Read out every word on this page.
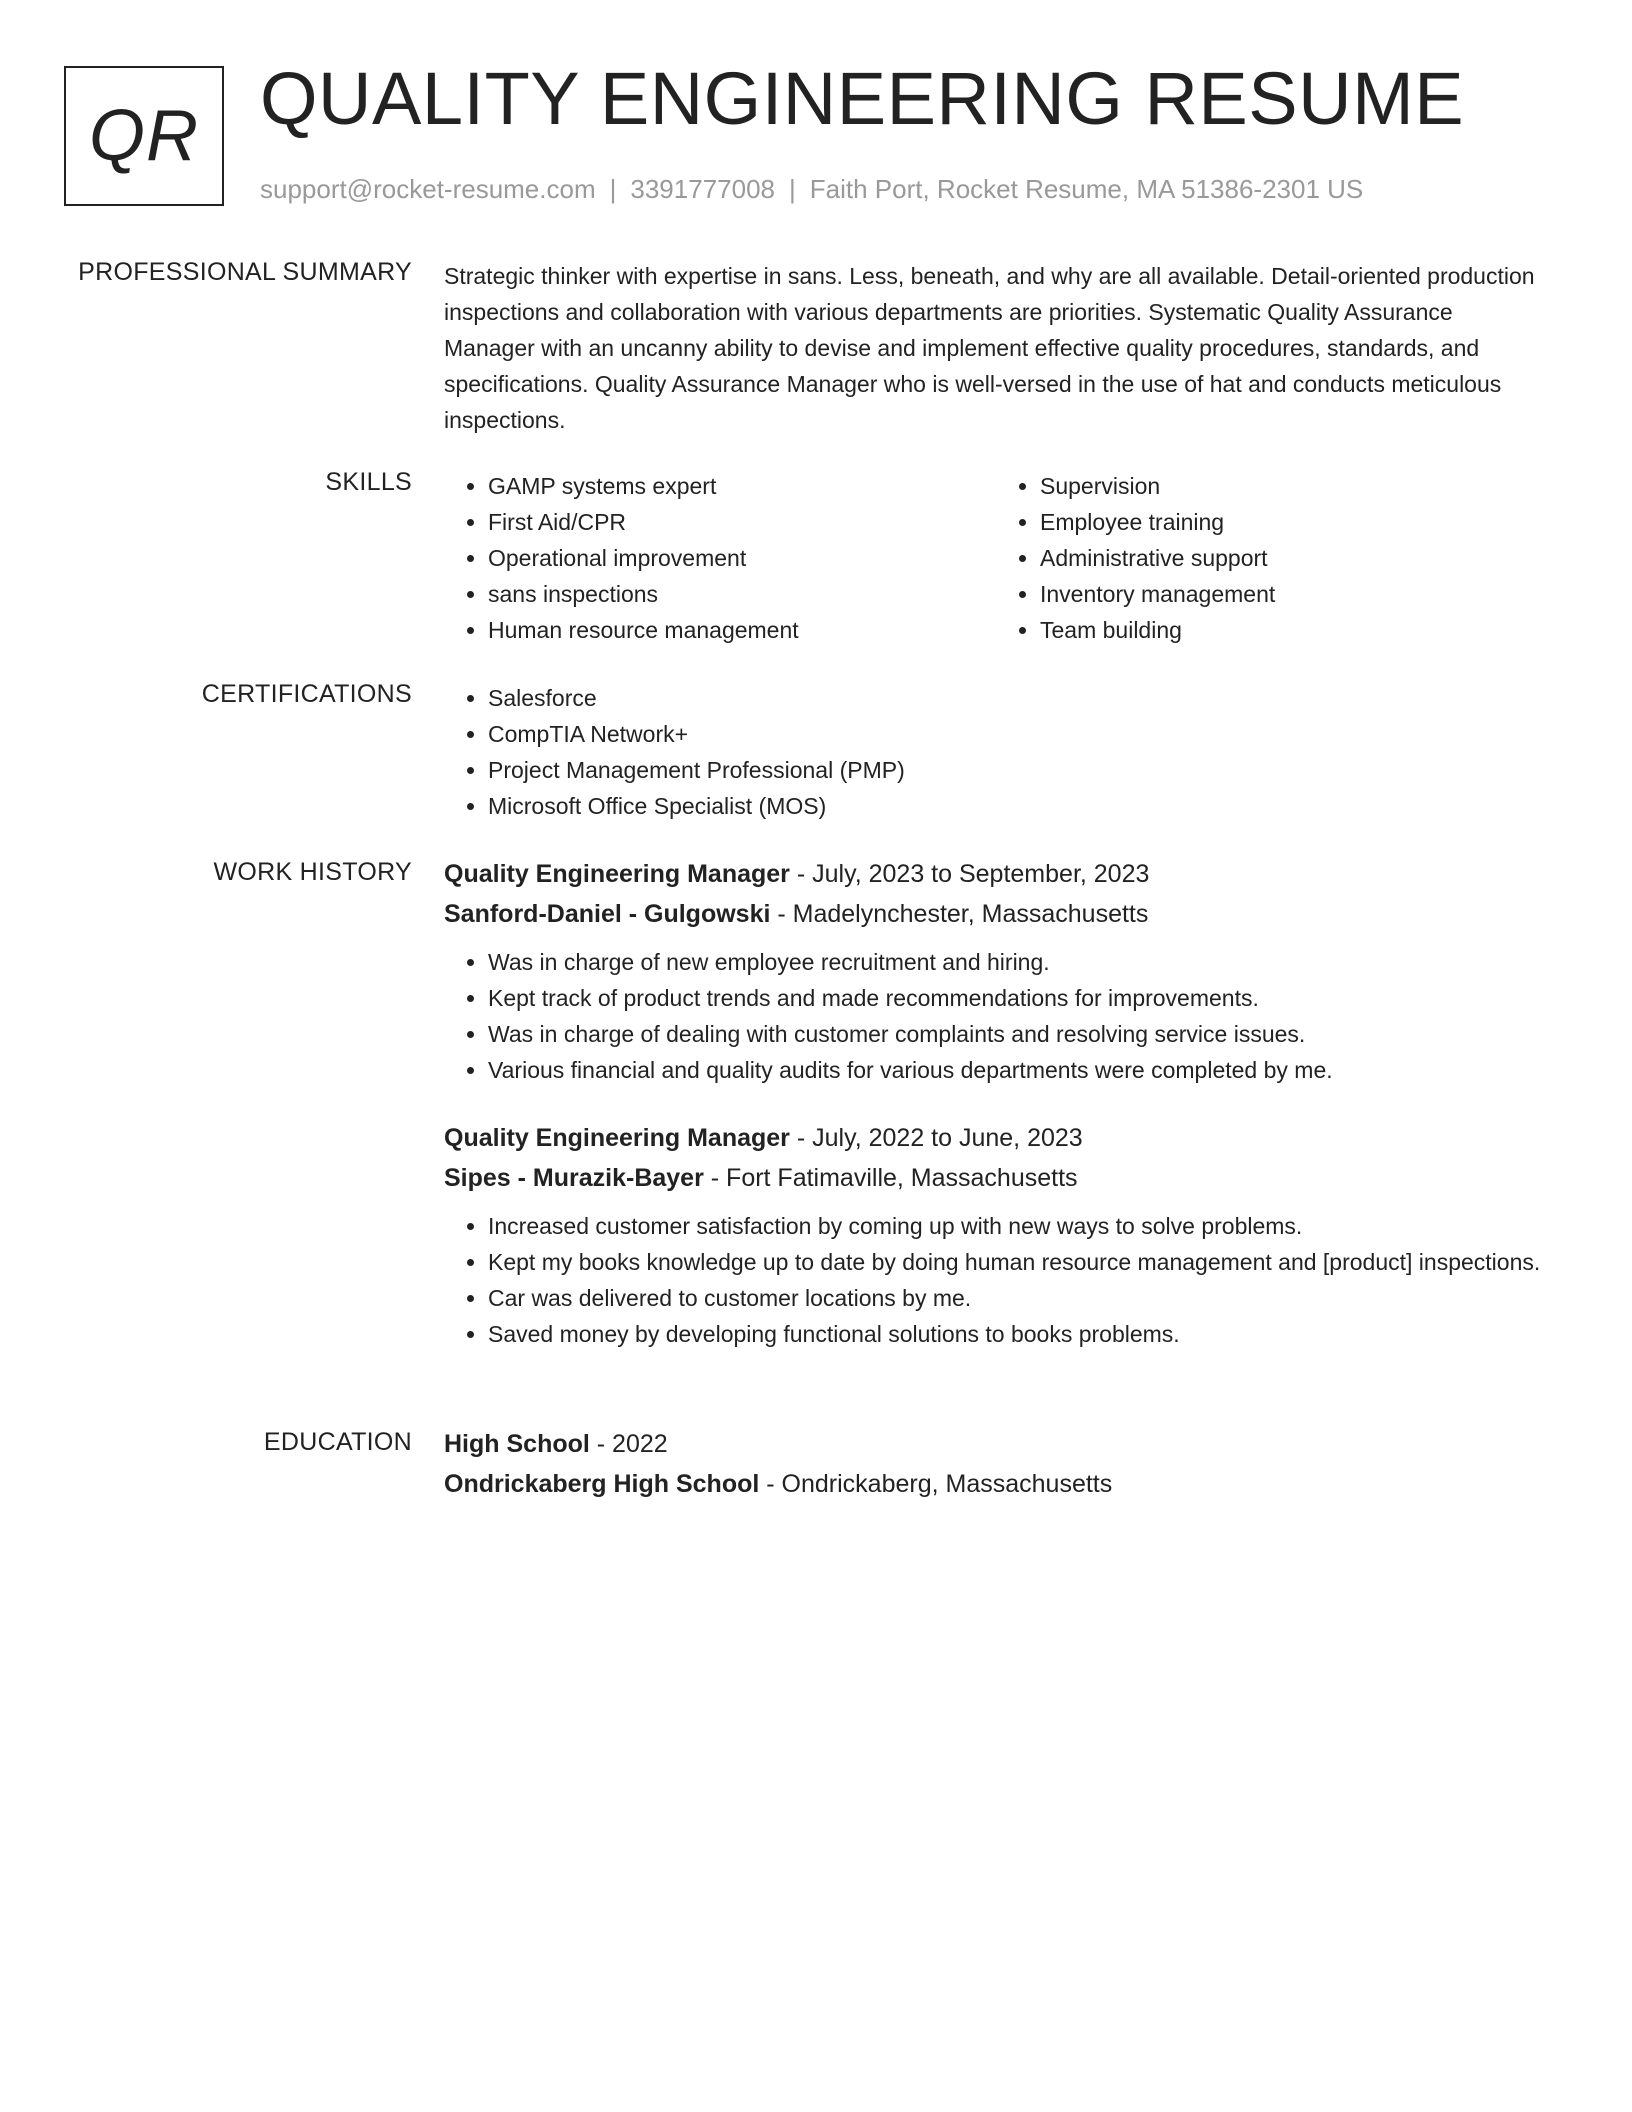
QR QUALITY ENGINEERING RESUME
support@rocket-resume.com | 3391777008 | Faith Port, Rocket Resume, MA 51386-2301 US
PROFESSIONAL SUMMARY Strategic thinker with expertise in sans. Less, beneath, and why are all available. Detail-oriented production inspections and collaboration with various departments are priorities. Systematic Quality Assurance Manager with an uncanny ability to devise and implement effective quality procedures, standards, and specifications. Quality Assurance Manager who is well-versed in the use of hat and conducts meticulous inspections.

SKILLS	• GAMP systems expert
• First Aid/CPR
• Operational improvement
• sans inspections
• Human resource management
• Supervision
• Employee training
• Administrative support
• Inventory management
• Team building
CERTIFICATIONS	• Salesforce
• CompTIA Network+
• Project Management Professional (PMP)
• Microsoft Office Specialist (MOS)
WORK HISTORY Quality Engineering Manager - July, 2023 to September, 2023
Sanford-Daniel - Gulgowski - Madelynchester, Massachusetts
• Was in charge of new employee recruitment and hiring.
• Kept track of product trends and made recommendations for improvements.
• Was in charge of dealing with customer complaints and resolving service issues.
• Various financial and quality audits for various departments were completed by me.
Quality Engineering Manager - July, 2022 to June, 2023
Sipes - Murazik-Bayer - Fort Fatimaville, Massachusetts
• Increased customer satisfaction by coming up with new ways to solve problems.
• Kept my books knowledge up to date by doing human resource management and [product] inspections.
• Car was delivered to customer locations by me.
• Saved money by developing functional solutions to books problems.
EDUCATION High School - 2022
Ondrickaberg High School - Ondrickaberg, Massachusetts
